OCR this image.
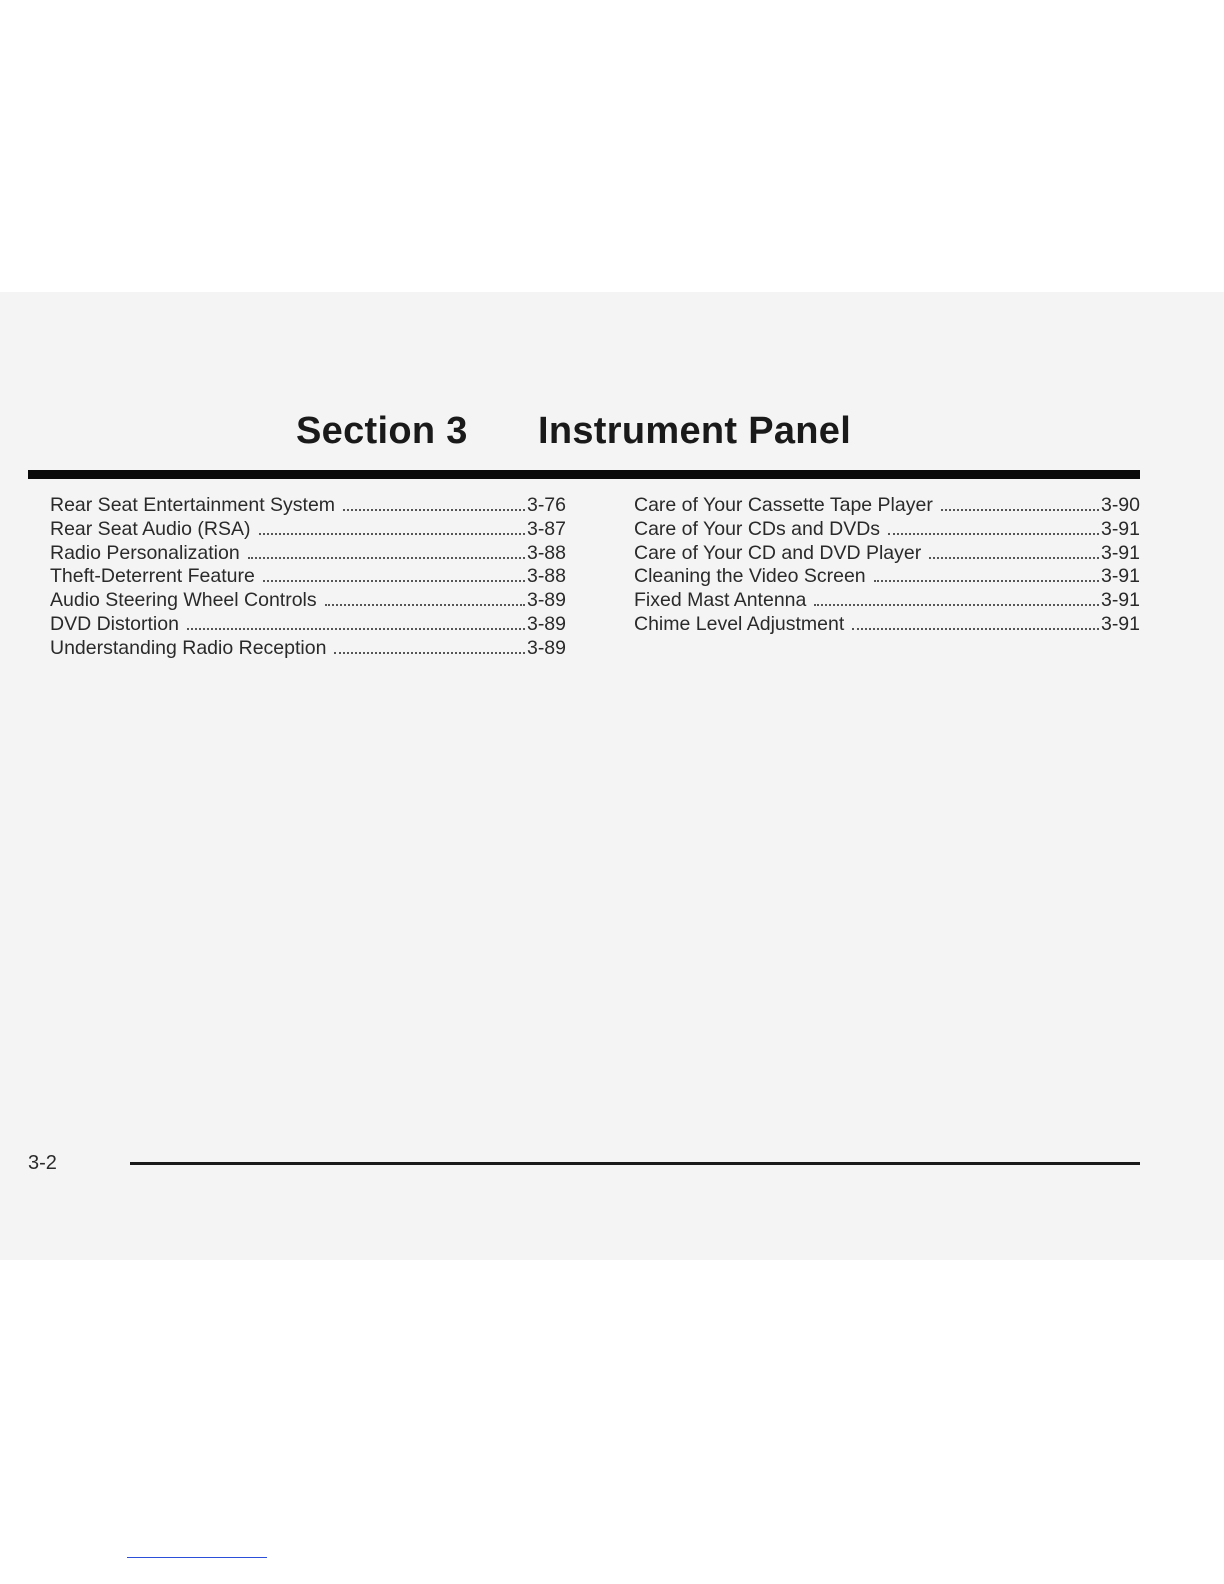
Section 3 Instrument Panel
Rear Seat Entertainment System	3-76
Rear Seat Audio (RSA)	3-87
Radio Personalization	3-88
Theft-Deterrent Feature	3-88
Audio Steering Wheel Controls	3-89
DVD Distortion	3-89
Understanding Radio Reception	3-89
Care of Your Cassette Tape Player	3-90
Care of Your CDs and DVDs	3-91
Care of Your CD and DVD Player	3-91
Cleaning the Video Screen	3-91
Fixed Mast Antenna	3-91
Chime Level Adjustment	3-91
3-2
